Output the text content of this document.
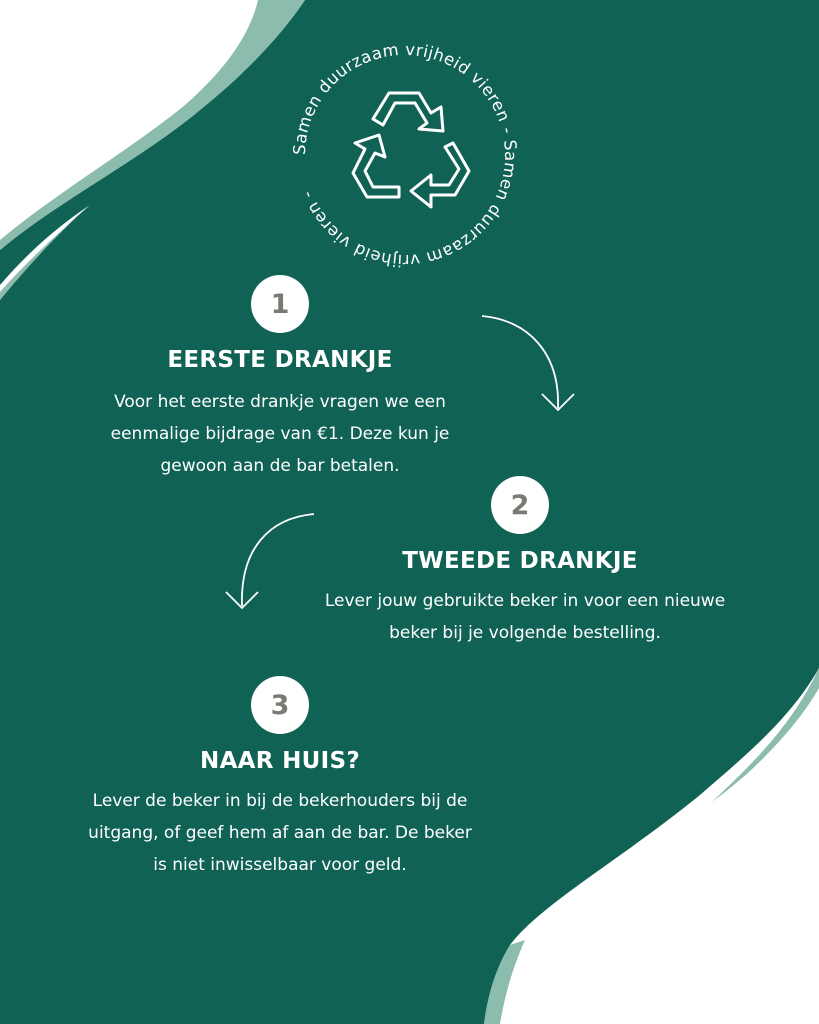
Samen duurzaam vrijheid vieren - Samen duurzaam vrijheid vieren -
1
EERSTE DRANKJE
Voor het eerste drankje vragen we een
eenmalige bijdrage van €1. Deze kun je
gewoon aan de bar betalen.
2
TWEEDE DRANKJE
Lever jouw gebruikte beker in voor een nieuwe
beker bij je volgende bestelling.
3
NAAR HUIS?
Lever de beker in bij de bekerhouders bij de
uitgang, of geef hem af aan de bar. De beker
is niet inwisselbaar voor geld.
